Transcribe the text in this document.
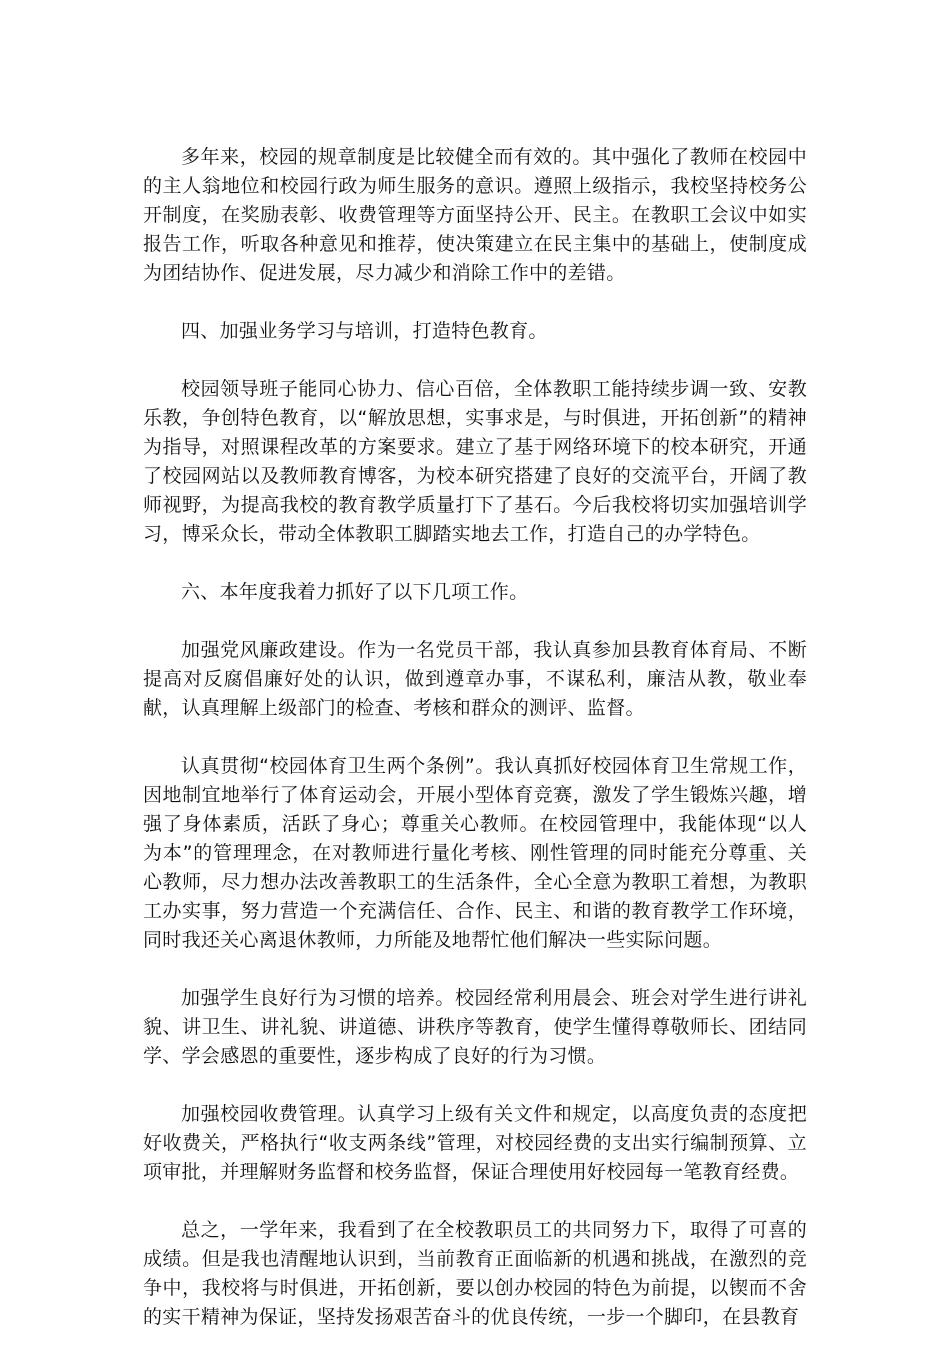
多年来，校园的规章制度是比较健全而有效的。其中强化了教师在校园中的主人翁地位和校园行政为师生服务的意识。遵照上级指示，我校坚持校务公开制度，在奖励表彰、收费管理等方面坚持公开、民主。在教职工会议中如实报告工作，听取各种意见和推荐，使决策建立在民主集中的基础上，使制度成为团结协作、促进发展，尽力减少和消除工作中的差错。

四、加强业务学习与培训，打造特色教育。

校园领导班子能同心协力、信心百倍，全体教职工能持续步调一致、安教乐教，争创特色教育，以“解放思想，实事求是，与时俱进，开拓创新”的精神为指导，对照课程改革的方案要求。建立了基于网络环境下的校本研究，开通了校园网站以及教师教育博客，为校本研究搭建了良好的交流平台，开阔了教师视野，为提高我校的教育教学质量打下了基石。今后我校将切实加强培训学习，博采众长，带动全体教职工脚踏实地去工作，打造自己的办学特色。

六、本年度我着力抓好了以下几项工作。

加强党风廉政建设。作为一名党员干部，我认真参加县教育体育局、不断提高对反腐倡廉好处的认识，做到遵章办事，不谋私利，廉洁从教，敬业奉献，认真理解上级部门的检查、考核和群众的测评、监督。

认真贯彻“校园体育卫生两个条例”。我认真抓好校园体育卫生常规工作，因地制宜地举行了体育运动会，开展小型体育竞赛，激发了学生锻炼兴趣，增强了身体素质，活跃了身心；尊重关心教师。在校园管理中，我能体现“以人为本”的管理理念，在对教师进行量化考核、刚性管理的同时能充分尊重、关心教师，尽力想办法改善教职工的生活条件，全心全意为教职工着想，为教职工办实事，努力营造一个充满信任、合作、民主、和谐的教育教学工作环境，同时我还关心离退休教师，力所能及地帮忙他们解决一些实际问题。

加强学生良好行为习惯的培养。校园经常利用晨会、班会对学生进行讲礼貌、讲卫生、讲礼貌、讲道德、讲秩序等教育，使学生懂得尊敬师长、团结同学、学会感恩的重要性，逐步构成了良好的行为习惯。

加强校园收费管理。认真学习上级有关文件和规定，以高度负责的态度把好收费关，严格执行“收支两条线”管理，对校园经费的支出实行编制预算、立项审批，并理解财务监督和校务监督，保证合理使用好校园每一笔教育经费。

总之，一学年来，我看到了在全校教职员工的共同努力下，取得了可喜的成绩。但是我也清醒地认识到，当前教育正面临新的机遇和挑战，在激烈的竞争中，我校将与时俱进，开拓创新，要以创办校园的特色为前提，以锲而不舍的实干精神为保证，坚持发扬艰苦奋斗的优良传统，一步一个脚印，在县教育
